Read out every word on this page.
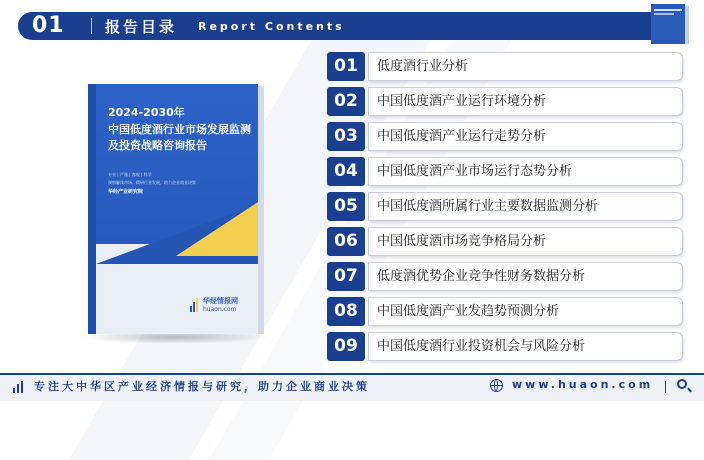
01	报告目录 Report Contents
2024-2030年
中国低度酒行业市场发展监测及投资战略咨询报告
专业 | 严谨 | 客观 | 科学
洞察解读市场、精研行业发展，助力企业商业决策
华经产业研究院
华经情报网
huaon.com
01	低度酒行业分析
02	中国低度酒产业运行环境分析
03	中国低度酒产业运行走势分析
04	中国低度酒产业市场运行态势分析
05	中国低度酒所属行业主要数据监测分析
06	中国低度酒市场竞争格局分析
07	低度酒优势企业竞争性财务数据分析
08	中国低度酒产业发趋势预测分析
09	中国低度酒行业投资机会与风险分析
专注大中华区产业经济情报与研究，助力企业商业决策	www.huaon.com
